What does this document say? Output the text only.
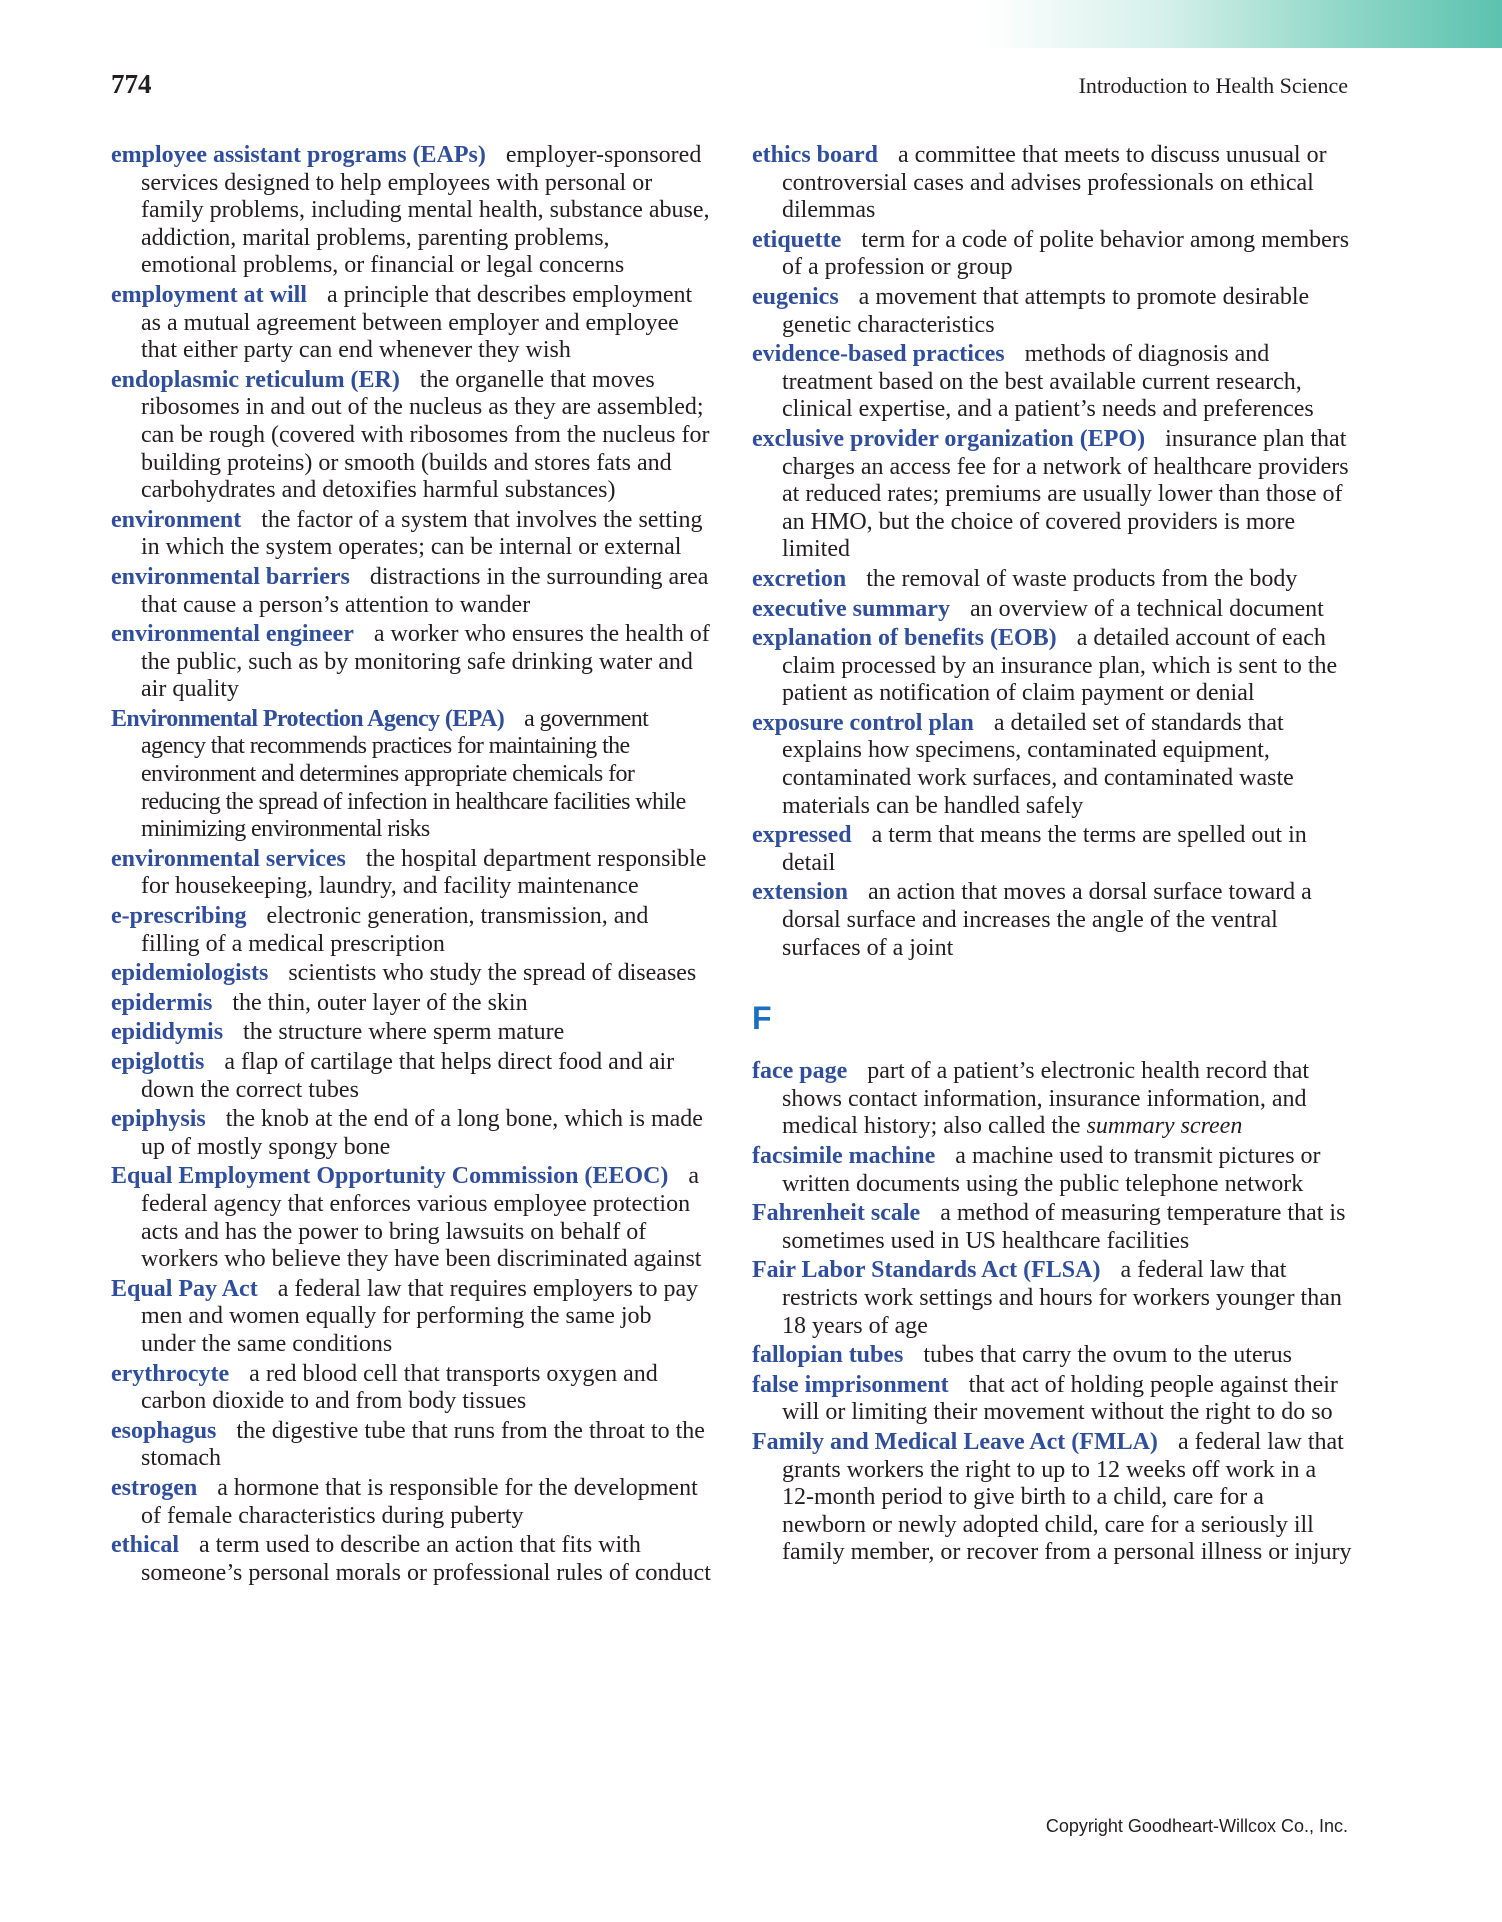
774	Introduction to Health Science

employee assistant programs (EAPs) employer-sponsored services designed to help employees with personal or family problems, including mental health, substance abuse, addiction, marital problems, parenting problems, emotional problems, or financial or legal concerns

employment at will a principle that describes employment as a mutual agreement between employer and employee that either party can end whenever they wish

endoplasmic reticulum (ER) the organelle that moves ribosomes in and out of the nucleus as they are assembled; can be rough (covered with ribosomes from the nucleus for building proteins) or smooth (builds and stores fats and carbohydrates and detoxifies harmful substances)

environment the factor of a system that involves the setting in which the system operates; can be internal or external

environmental barriers distractions in the surrounding area that cause a person’s attention to wander

environmental engineer a worker who ensures the health of the public, such as by monitoring safe drinking water and air quality

Environmental Protection Agency (EPA) a government agency that recommends practices for maintaining the environment and determines appropriate chemicals for reducing the spread of infection in healthcare facilities while minimizing environmental risks

environmental services the hospital department responsible for housekeeping, laundry, and facility maintenance

e-prescribing electronic generation, transmission, and filling of a medical prescription

epidemiologists scientists who study the spread of diseases

epidermis the thin, outer layer of the skin

epididymis the structure where sperm mature

epiglottis a flap of cartilage that helps direct food and air down the correct tubes

epiphysis the knob at the end of a long bone, which is made up of mostly spongy bone

Equal Employment Opportunity Commission (EEOC) a federal agency that enforces various employee protection acts and has the power to bring lawsuits on behalf of workers who believe they have been discriminated against

Equal Pay Act a federal law that requires employers to pay men and women equally for performing the same job under the same conditions

erythrocyte a red blood cell that transports oxygen and carbon dioxide to and from body tissues

esophagus the digestive tube that runs from the throat to the stomach

estrogen a hormone that is responsible for the development of female characteristics during puberty

ethical a term used to describe an action that fits with someone’s personal morals or professional rules of conduct

ethics board a committee that meets to discuss unusual or controversial cases and advises professionals on ethical dilemmas

etiquette term for a code of polite behavior among members of a profession or group

eugenics a movement that attempts to promote desirable genetic characteristics

evidence-based practices methods of diagnosis and treatment based on the best available current research, clinical expertise, and a patient’s needs and preferences

exclusive provider organization (EPO) insurance plan that charges an access fee for a network of healthcare providers at reduced rates; premiums are usually lower than those of an HMO, but the choice of covered providers is more limited

excretion the removal of waste products from the body

executive summary an overview of a technical document

explanation of benefits (EOB) a detailed account of each claim processed by an insurance plan, which is sent to the patient as notification of claim payment or denial

exposure control plan a detailed set of standards that explains how specimens, contaminated equipment, contaminated work surfaces, and contaminated waste materials can be handled safely

expressed a term that means the terms are spelled out in detail

extension an action that moves a dorsal surface toward a dorsal surface and increases the angle of the ventral surfaces of a joint

F

face page part of a patient’s electronic health record that shows contact information, insurance information, and medical history; also called the summary screen

facsimile machine a machine used to transmit pictures or written documents using the public telephone network

Fahrenheit scale a method of measuring temperature that is sometimes used in US healthcare facilities

Fair Labor Standards Act (FLSA) a federal law that restricts work settings and hours for workers younger than 18 years of age

fallopian tubes tubes that carry the ovum to the uterus

false imprisonment that act of holding people against their will or limiting their movement without the right to do so

Family and Medical Leave Act (FMLA) a federal law that grants workers the right to up to 12 weeks off work in a 12-month period to give birth to a child, care for a newborn or newly adopted child, care for a seriously ill family member, or recover from a personal illness or injury

Copyright Goodheart-Willcox Co., Inc.
